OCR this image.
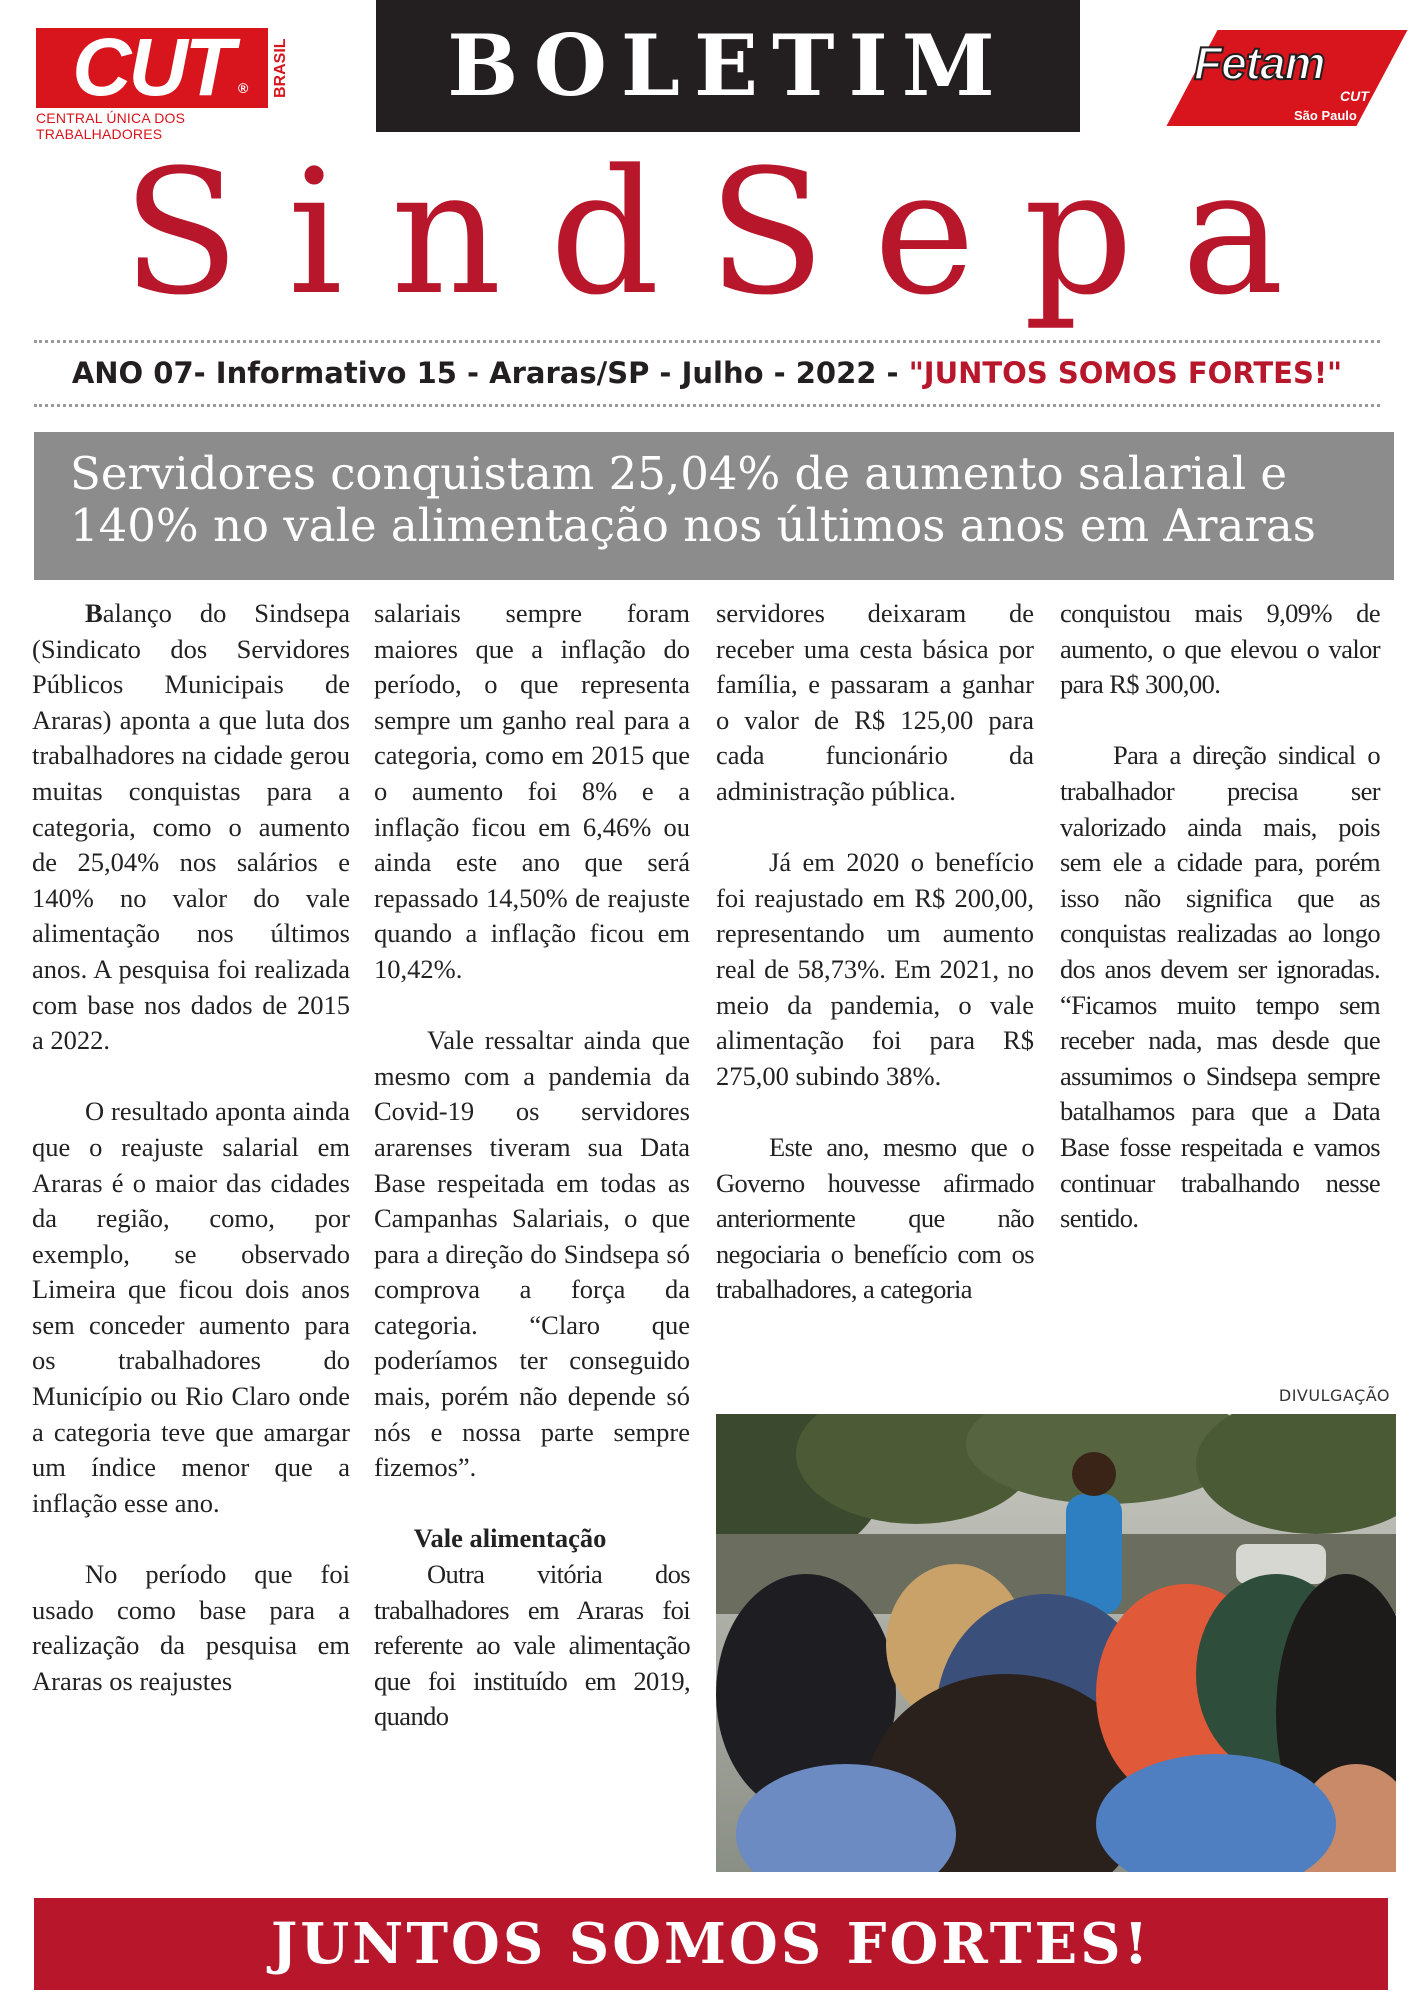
CUT ® BRASIL
CENTRAL ÚNICA DOS TRABALHADORES
BOLETIM	Fetam
CUT
São Paulo
SindSepa
ANO 07- Informativo 15 - Araras/SP - Julho - 2022 - "JUNTOS SOMOS FORTES!"
Servidores conquistam 25,04% de aumento salarial e 140% no vale alimentação nos últimos anos em Araras

Balanço do Sindsepa (Sindicato dos Servidores Públicos Municipais de Araras) aponta a que luta dos trabalhadores na cidade gerou muitas conquistas para a categoria, como o aumento de 25,04% nos salários e 140% no valor do vale alimentação nos últimos anos. A pesquisa foi realizada com base nos dados de 2015 a 2022.

O resultado aponta ainda que o reajuste salarial em Araras é o maior das cidades da região, como, por exemplo, se observado Limeira que ficou dois anos sem conceder aumento para os trabalhadores do Município ou Rio Claro onde a categoria teve que amargar um índice menor que a inflação esse ano.

No período que foi usado como base para a realização da pesquisa em Araras os reajustes

salariais sempre foram maiores que a inflação do período, o que representa sempre um ganho real para a categoria, como em 2015 que o aumento foi 8% e a inflação ficou em 6,46% ou ainda este ano que será repassado 14,50% de reajuste quando a inflação ficou em 10,42%.

Vale ressaltar ainda que mesmo com a pandemia da Covid-19 os servidores ararenses tiveram sua Data Base respeitada em todas as Campanhas Salariais, o que para a direção do Sindsepa só comprova a força da categoria. “Claro que poderíamos ter conseguido mais, porém não depende só nós e nossa parte sempre fizemos”.

Vale alimentação

Outra vitória dos trabalhadores em Araras foi referente ao vale alimentação que foi instituído em 2019, quando

servidores deixaram de receber uma cesta básica por família, e passaram a ganhar o valor de R$ 125,00 para cada funcionário da administração pública.

Já em 2020 o benefício foi reajustado em R$ 200,00, representando um aumento real de 58,73%. Em 2021, no meio da pandemia, o vale alimentação foi para R$ 275,00 subindo 38%.

Este ano, mesmo que o Governo houvesse afirmado anteriormente que não negociaria o benefício com os trabalhadores, a categoria

conquistou mais 9,09% de aumento, o que elevou o valor para R$ 300,00.

Para a direção sindical o trabalhador precisa ser valorizado ainda mais, pois sem ele a cidade para, porém isso não significa que as conquistas realizadas ao longo dos anos devem ser ignoradas. “Ficamos muito tempo sem receber nada, mas desde que assumimos o Sindsepa sempre batalhamos para que a Data Base fosse respeitada e vamos continuar trabalhando nesse sentido.

DIVULGAÇÃO
JUNTOS SOMOS FORTES!
